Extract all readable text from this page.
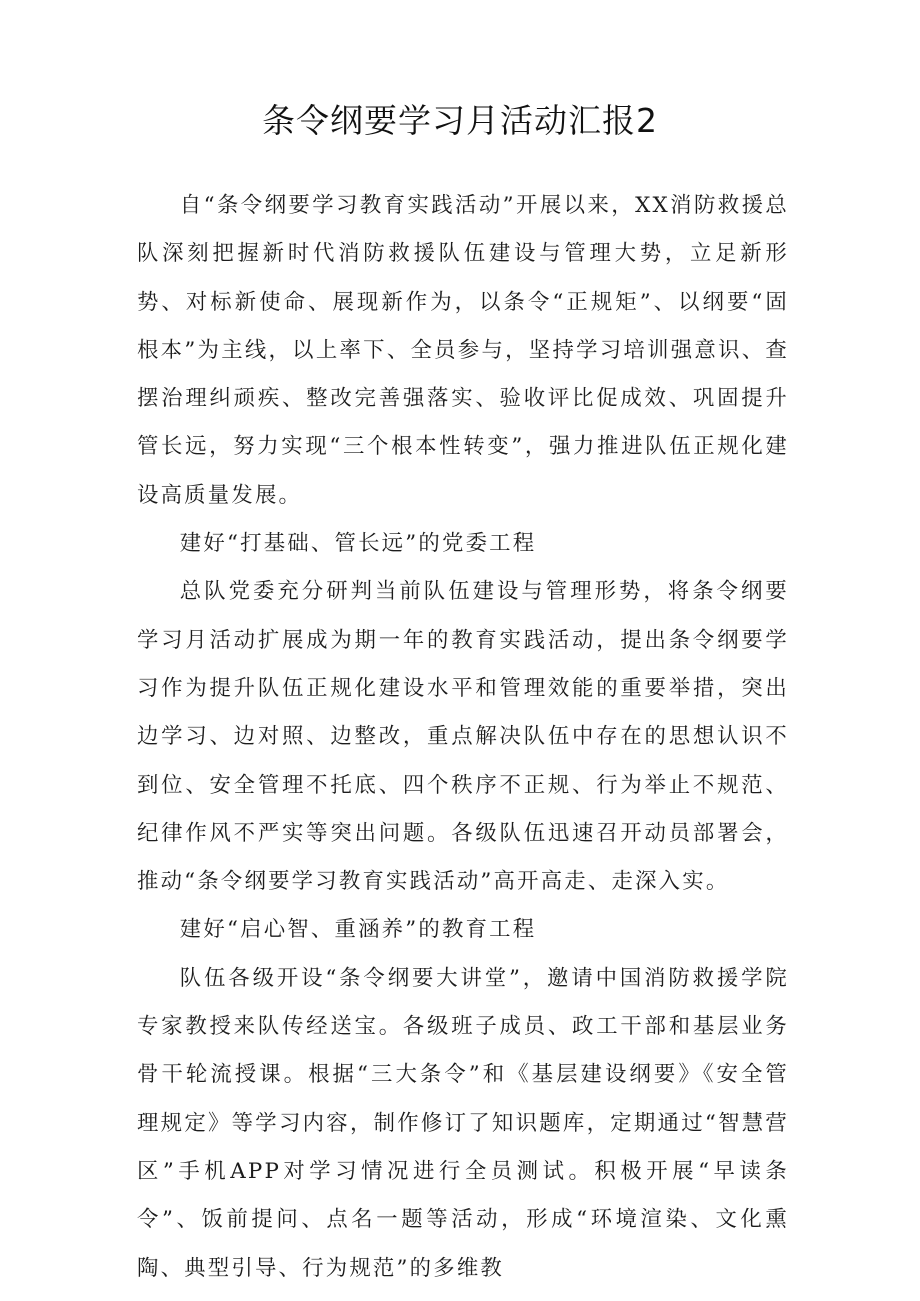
条令纲要学习月活动汇报2

自“条令纲要学习教育实践活动”开展以来，XX消防救援总队深刻把握新时代消防救援队伍建设与管理大势，立足新形势、对标新使命、展现新作为，以条令“正规矩”、以纲要“固根本”为主线，以上率下、全员参与，坚持学习培训强意识、查摆治理纠顽疾、整改完善强落实、验收评比促成效、巩固提升管长远，努力实现“三个根本性转变”，强力推进队伍正规化建设高质量发展。

建好“打基础、管长远”的党委工程

总队党委充分研判当前队伍建设与管理形势，将条令纲要学习月活动扩展成为期一年的教育实践活动，提出条令纲要学习作为提升队伍正规化建设水平和管理效能的重要举措，突出边学习、边对照、边整改，重点解决队伍中存在的思想认识不到位、安全管理不托底、四个秩序不正规、行为举止不规范、纪律作风不严实等突出问题。各级队伍迅速召开动员部署会，推动“条令纲要学习教育实践活动”高开高走、走深入实。

建好“启心智、重涵养”的教育工程

队伍各级开设“条令纲要大讲堂”，邀请中国消防救援学院专家教授来队传经送宝。各级班子成员、政工干部和基层业务骨干轮流授课。根据“三大条令”和《基层建设纲要》《安全管理规定》等学习内容，制作修订了知识题库，定期通过“智慧营区”手机APP对学习情况进行全员测试。积极开展“早读条令”、饭前提问、点名一题等活动，形成“环境渲染、文化熏陶、典型引导、行为规范”的多维教
